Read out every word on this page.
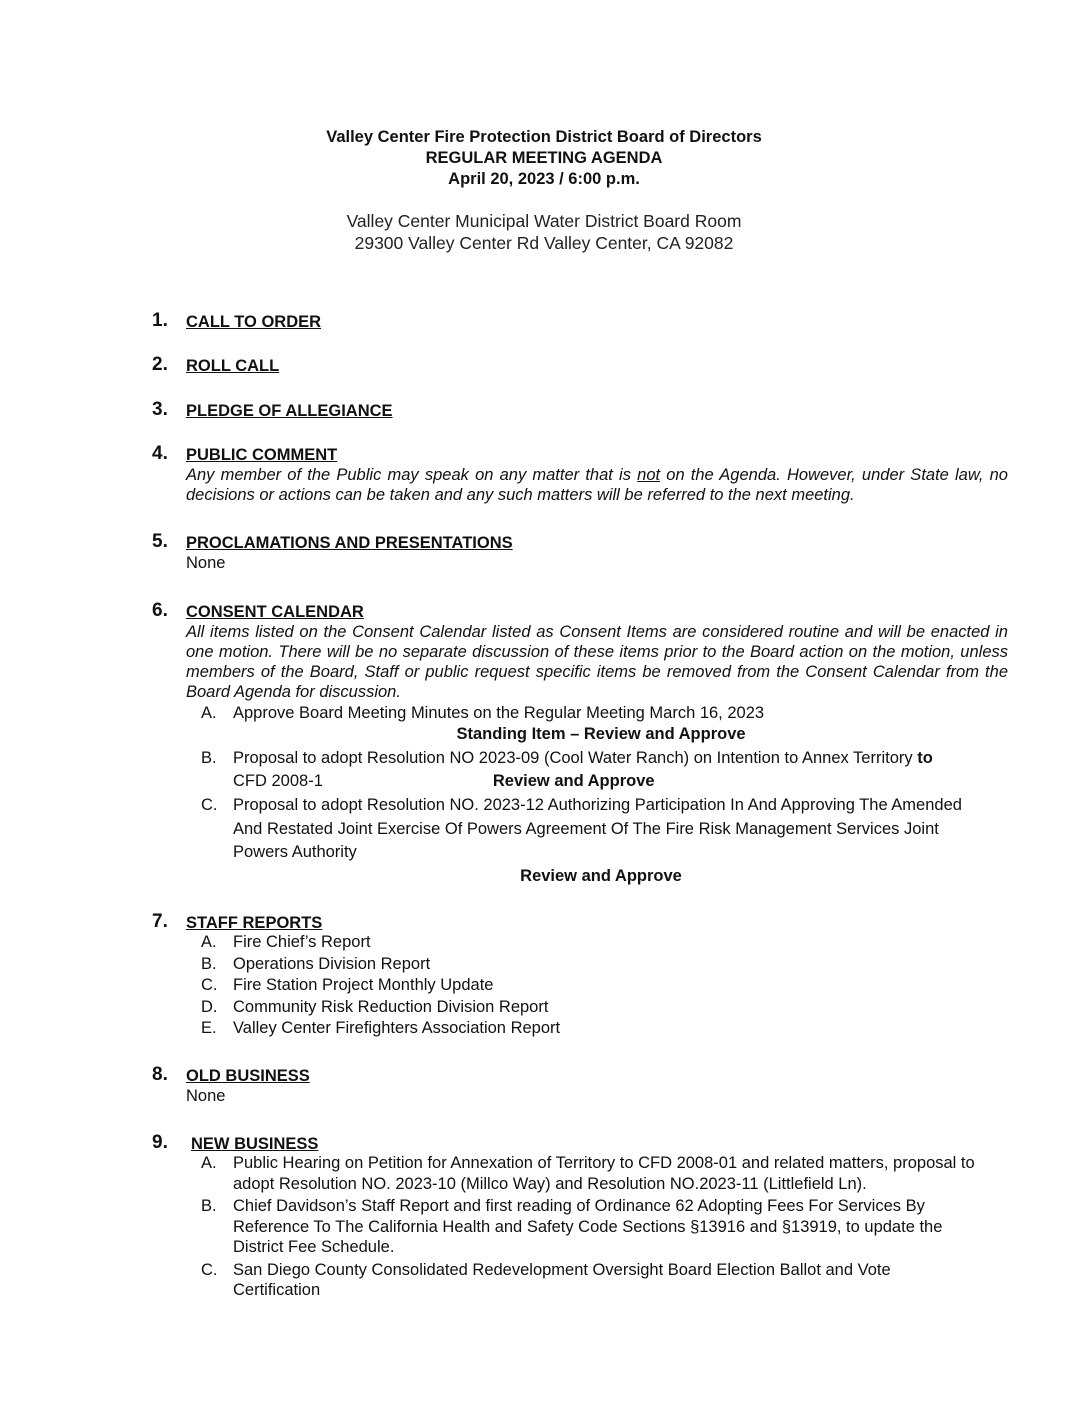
Valley Center Fire Protection District Board of Directors
REGULAR MEETING AGENDA
April 20, 2023 / 6:00 p.m.
Valley Center Municipal Water District Board Room
29300 Valley Center Rd Valley Center, CA 92082
1. CALL TO ORDER
2. ROLL CALL
3. PLEDGE OF ALLEGIANCE
4. PUBLIC COMMENT
Any member of the Public may speak on any matter that is not on the Agenda. However, under State law, no decisions or actions can be taken and any such matters will be referred to the next meeting.
5. PROCLAMATIONS AND PRESENTATIONS
None
6. CONSENT CALENDAR
All items listed on the Consent Calendar listed as Consent Items are considered routine and will be enacted in one motion. There will be no separate discussion of these items prior to the Board action on the motion, unless members of the Board, Staff or public request specific items be removed from the Consent Calendar from the Board Agenda for discussion.
A. Approve Board Meeting Minutes on the Regular Meeting March 16, 2023
Standing Item – Review and Approve
B. Proposal to adopt Resolution NO 2023-09 (Cool Water Ranch) on Intention to Annex Territory to
CFD 2008-1	Review and Approve
C. Proposal to adopt Resolution NO. 2023-12 Authorizing Participation In And Approving The Amended And Restated Joint Exercise Of Powers Agreement Of The Fire Risk Management Services Joint Powers Authority
Review and Approve
7. STAFF REPORTS
A. Fire Chief’s Report
B. Operations Division Report
C. Fire Station Project Monthly Update
D. Community Risk Reduction Division Report
E. Valley Center Firefighters Association Report
8. OLD BUSINESS
None
9. NEW BUSINESS
A. Public Hearing on Petition for Annexation of Territory to CFD 2008-01 and related matters, proposal to adopt Resolution NO. 2023-10 (Millco Way) and Resolution NO.2023-11 (Littlefield Ln).
B. Chief Davidson’s Staff Report and first reading of Ordinance 62 Adopting Fees For Services By Reference To The California Health and Safety Code Sections §13916 and §13919, to update the District Fee Schedule.
C. San Diego County Consolidated Redevelopment Oversight Board Election Ballot and Vote Certification
